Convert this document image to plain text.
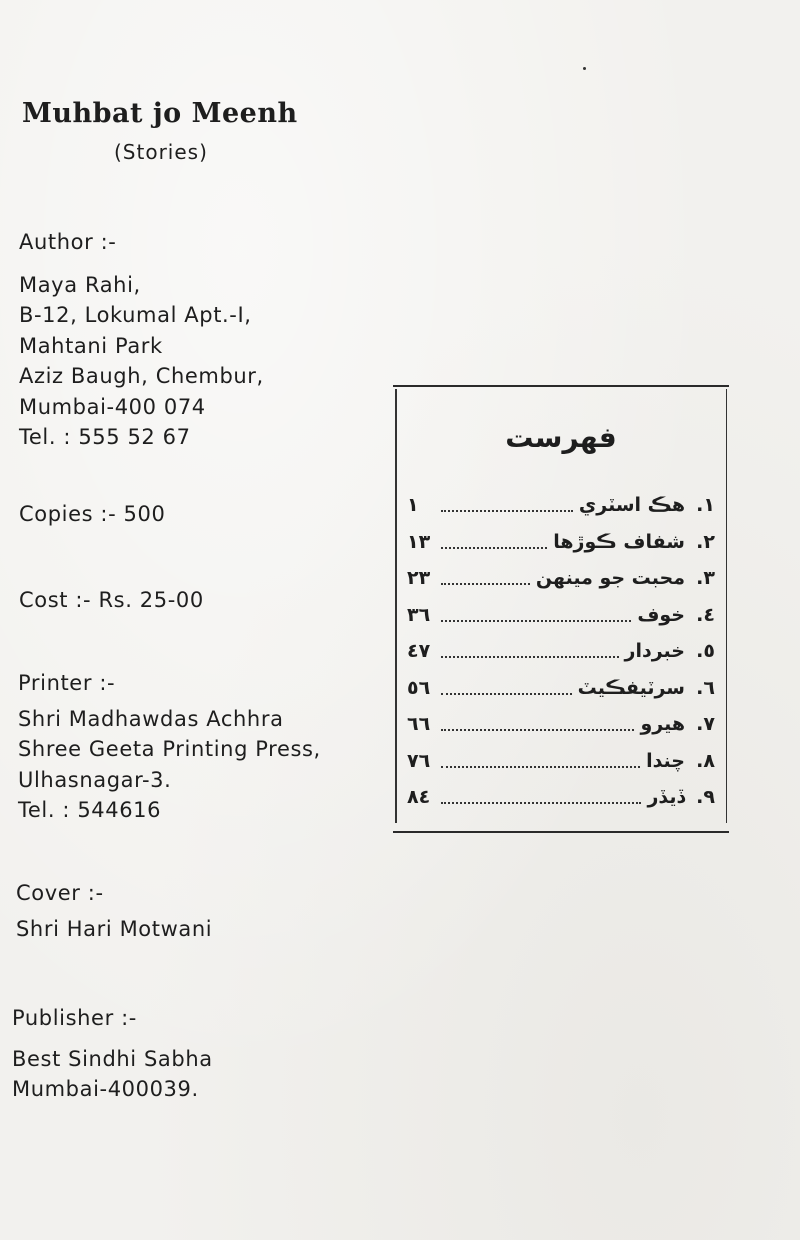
Muhbat jo Meenh
(Stories)
Author :-
Maya Rahi,
B-12, Lokumal Apt.-I,
Mahtani Park
Aziz Baugh, Chembur,
Mumbai-400 074
Tel. : 555 52 67
Copies :- 500
Cost :- Rs. 25-00
Printer :-
Shri Madhawdas Achhra
Shree Geeta Printing Press,
Ulhasnagar-3.
Tel. : 544616
Cover :-
Shri Hari Motwani
Publisher :-
Best Sindhi Sabha
Mumbai-400039.
فهرست
١.
هڪ اسٽري
١
٢.
شفاف ڪوڙها
١٣
٣.
محبت جو مينهن
٢٣
٤.
خوف
٣٦
٥.
خبردار
٤٧
٦.
سرٽيفڪيٽ
٥٦
٧.
هيرو
٦٦
٨.
چندا
٧٦
٩.
ڏيڏر
٨٤
